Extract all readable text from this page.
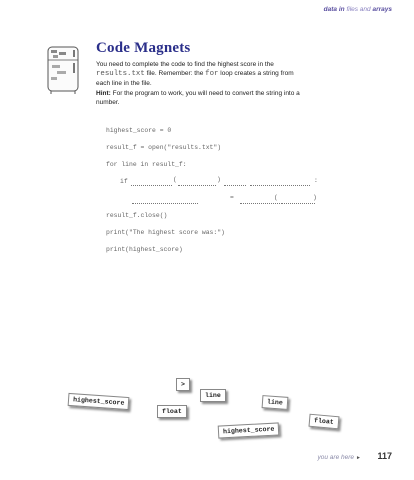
data in files and arrays
Code Magnets
You need to complete the code to find the highest score in the results.txt file. Remember: the for loop creates a string from each line in the file.
Hint: For the program to work, you will need to convert the string into a number.
highest_score = 0
result_f = open("results.txt")
for line in result_f:
if	(	)	:
=	(	)
result_f.close()
print("The highest score was:")
print(highest_score)
>
line
highest_score	line
float
float
highest_score
you are here ► 117
